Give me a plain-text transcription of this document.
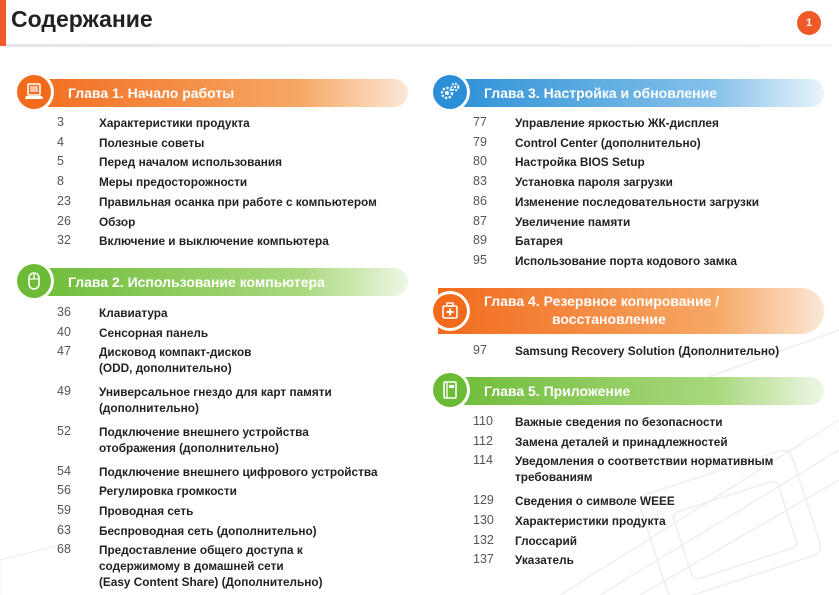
Содержание	1
Глава 1. Начало работы
3	Характеристики продукта
4	Полезные советы
5	Перед началом использования
8	Меры предосторожности
23	Правильная осанка при работе с компьютером
26	Обзор
32	Включение и выключение компьютера
Глава 2. Использование компьютера
36	Клавиатура
40	Сенсорная панель
47	Дисковод компакт-дисков
(ODD, дополнительно)
49	Универсальное гнездо для карт памяти
(дополнительно)
52	Подключение внешнего устройства
отображения (дополнительно)
54	Подключение внешнего цифрового устройства
56	Регулировка громкости
59	Проводная сеть
63	Беспроводная сеть (дополнительно)
68	Предоставление общего доступа к
содержимому в домашней сети
(Easy Content Share) (Дополнительно)
Глава 3. Настройка и обновление
77	Управление яркостью ЖК-дисплея
79	Control Center (дополнительно)
80	Настройка BIOS Setup
83	Установка пароля загрузки
86	Изменение последовательности загрузки
87	Увеличение памяти
89	Батарея
95	Использование порта кодового замка
Глава 4. Резервное копирование /
восстановление
97	Samsung Recovery Solution (Дополнительно)
Глава 5. Приложение
110	Важные сведения по безопасности
112	Замена деталей и принадлежностей
114	Уведомления о соответствии нормативным
требованиям
129	Сведения о символе WEEE
130	Характеристики продукта
132	Глоссарий
137	Указатель
